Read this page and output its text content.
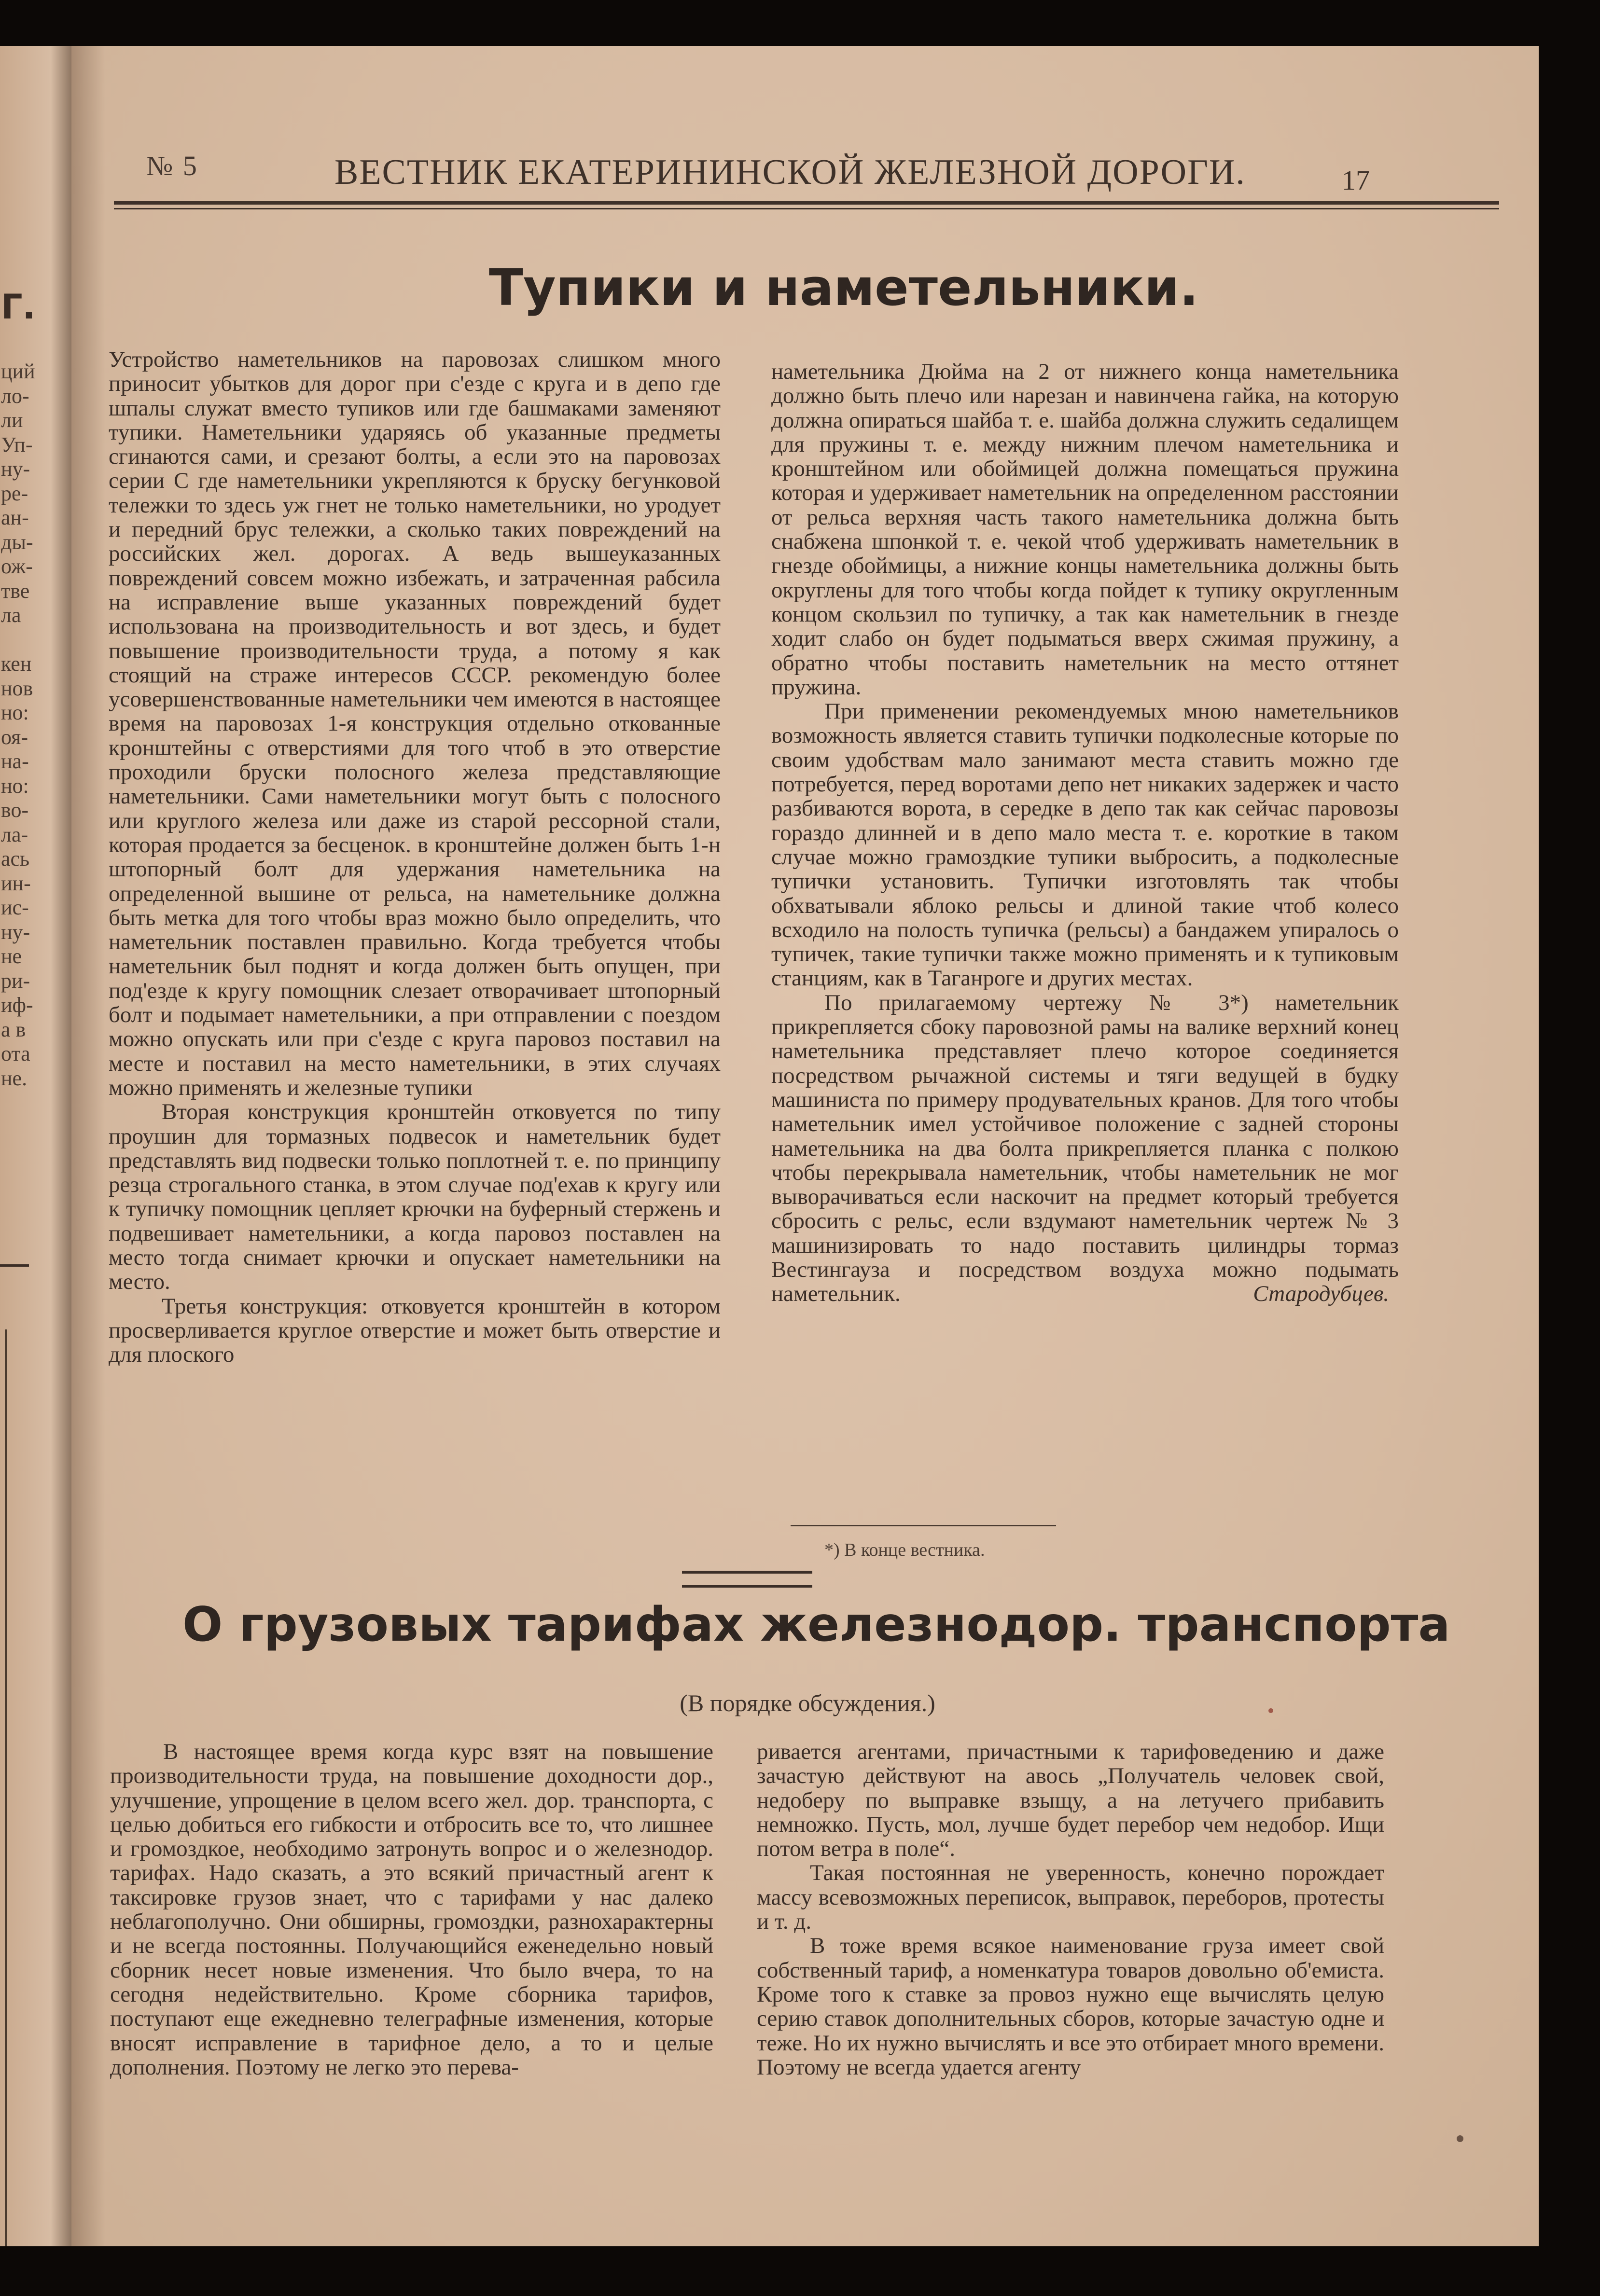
Г.
ций
ло-
ли
Уп-
ну-
ре-
ан-
ды-
ож-
тве
ла

кен
нов
но:
оя-
на-
но:
во-
ла-
ась
ин-
ис-
ну-
не
ри-
иф-
а в
ота
не.
№ 5	ВЕСТНИК ЕКАТЕРИНИНСКОЙ ЖЕЛЕЗНОЙ ДОРОГИ.	17
Тупики и наметельники.

Устройство наметельников на паровозах слишком много приносит убытков для дорог при с'езде с круга и в депо где шпалы служат вместо тупиков или где башмаками заменяют тупики. Наметельники ударяясь об указанные предметы сгинаются сами, и срезают болты, а если это на паровозах серии С где наметельники укрепляются к бруску бегунковой тележки то здесь уж гнет не только наметельники, но уродует и передний брус тележки, а сколько таких повреждений на российских жел. дорогах. А ведь вышеуказанных повреждений совсем можно избежать, и затраченная рабсила на исправление выше указанных повреждений будет использована на производительность и вот здесь, и будет повышение производительности труда, а потому я как стоящий на страже интересов СССР. рекомендую более усовершенствованные наметельники чем имеются в настоящее время на паровозах 1-я конструкция отдельно откованные кронштейны с отверстиями для того чтоб в это отверстие проходили бруски полосного железа представляющие наметельники. Сами наметельники могут быть с полосного или круглого железа или даже из старой рессорной стали, которая продается за бесценок. в кронштейне должен быть 1-н штопорный болт для удержания наметельника на определенной вышине от рельса, на наметельнике должна быть метка для того чтобы враз можно было определить, что наметельник поставлен правильно. Когда требуется чтобы наметельник был поднят и когда должен быть опущен, при под'езде к кругу помощник слезает отворачивает штопорный болт и подымает наметельники, а при отправлении с поездом можно опускать или при с'езде с круга паровоз поставил на месте и поставил на место наметельники, в этих случаях можно применять и железные тупики

Вторая конструкция кронштейн отковуется по типу проушин для тормазных подвесок и наметельник будет представлять вид подвески только поплотней т. е. по принципу резца строгального станка, в этом случае под'ехав к кругу или к тупичку помощник цепляет крючки на буферный стержень и подвешивает наметельники, а когда паровоз поставлен на место тогда снимает крючки и опускает наметельники на место.

Третья конструкция: отковуется кронштейн в котором просверливается круглое отверстие и может быть отверстие и для плоского

наметельника Дюйма на 2 от нижнего конца наметельника должно быть плечо или нарезан и навинчена гайка, на которую должна опираться шайба т. е. шайба должна служить седалищем для пружины т. е. между нижним плечом наметельника и кронштейном или обоймицей должна помещаться пружина которая и удерживает наметельник на определенном расстоянии от рельса верхняя часть такого наметельника должна быть снабжена шпонкой т. е. чекой чтоб удерживать наметельник в гнезде обоймицы, а нижние концы наметельника должны быть округлены для того чтобы когда пойдет к тупику округленным концом скользил по тупичку, а так как наметельник в гнезде ходит слабо он будет подыматься вверх сжимая пружину, а обратно чтобы поставить наметельник на место оттянет пружина.

При применении рекомендуемых мною наметельников возможность является ставить тупички подколесные которые по своим удобствам мало занимают места ставить можно где потребуется, перед воротами депо нет никаких задержек и часто разбиваются ворота, в середке в депо так как сейчас паровозы гораздо длинней и в депо мало места т. е. короткие в таком случае можно грамоздкие тупики выбросить, а подколесные тупички установить. Тупички изготовлять так чтобы обхватывали яблоко рельсы и длиной такие чтоб колесо всходило на полость тупичка (рельсы) а бандажем упиралось о тупичек, такие тупички также можно применять и к тупиковым станциям, как в Таганроге и других местах.

По прилагаемому чертежу № 3*) наметельник прикрепляется сбоку паровозной рамы на валике верхний конец наметельника представляет плечо которое соединяется посредством рычажной системы и тяги ведущей в будку машиниста по примеру продувательных кранов. Для того чтобы наметельник имел устойчивое положение с задней стороны наметельника на два болта прикрепляется планка с полкою чтобы перекрывала наметельник, чтобы наметельник не мог выворачиваться если наскочит на предмет который требуется сбросить с рельс, если вздумают наметельник чертеж № 3 машинизировать то надо поставить цилиндры тормаз Вестингауза и посредством воздуха можно подымать наметельник.	Стародубцев.

*) В конце вестника.
О грузовых тарифах железнодор. транспорта
(В порядке обсуждения.)

В настоящее время когда курс взят на повышение производительности труда, на повышение доходности дор., улучшение, упрощение в целом всего жел. дор. транспорта, с целью добиться его гибкости и отбросить все то, что лишнее и громоздкое, необходимо затронуть вопрос и о железнодор. тарифах. Надо сказать, а это всякий причастный агент к таксировке грузов знает, что с тарифами у нас далеко неблагополучно. Они обширны, громоздки, разнохарактерны и не всегда постоянны. Получающийся еженедельно новый сборник несет новые изменения. Что было вчера, то на сегодня недействительно. Кроме сборника тарифов, поступают еще ежедневно телеграфные изменения, которые вносят исправление в тарифное дело, а то и целые дополнения. Поэтому не легко это перева-

ривается агентами, причастными к тарифоведению и даже зачастую действуют на авось „Получатель человек свой, недоберу по выправке взыщу, а на летучего прибавить немножко. Пусть, мол, лучше будет перебор чем недобор. Ищи потом ветра в поле“.

Такая постоянная не уверенность, конечно порождает массу всевозможных переписок, выправок, переборов, протесты и т. д.

В тоже время всякое наименование груза имеет свой собственный тариф, а номенкатура товаров довольно об'емиста. Кроме того к ставке за провоз нужно еще вычислять целую серию ставок дополнительных сборов, которые зачастую одне и теже. Но их нужно вычислять и все это отбирает много времени. Поэтому не всегда удается агенту
